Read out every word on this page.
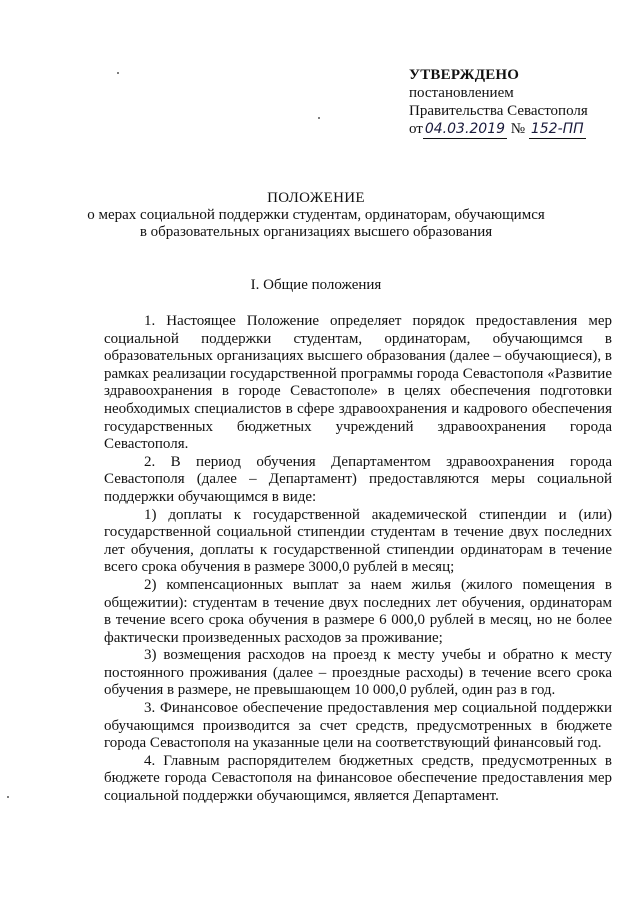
УТВЕРЖДЕНО
постановлением
Правительства Севастополя
от 04.03.2019 № 152-ПП
ПОЛОЖЕНИЕ
о мерах социальной поддержки студентам, ординаторам, обучающимся
в образовательных организациях высшего образования
I. Общие положения

1. Настоящее Положение определяет порядок предоставления мер социальной поддержки студентам, ординаторам, обучающимся в образовательных организациях высшего образования (далее – обучающиеся), в рамках реализации государственной программы города Севастополя «Развитие здравоохранения в городе Севастополе» в целях обеспечения подготовки необходимых специалистов в сфере здравоохранения и кадрового обеспечения государственных бюджетных учреждений здравоохранения города Севастополя.

2. В период обучения Департаментом здравоохранения города Севастополя (далее – Департамент) предоставляются меры социальной поддержки обучающимся в виде:

1) доплаты к государственной академической стипендии и (или) государственной социальной стипендии студентам в течение двух последних лет обучения, доплаты к государственной стипендии ординаторам в течение всего срока обучения в размере 3000,0 рублей в месяц;

2) компенсационных выплат за наем жилья (жилого помещения в общежитии): студентам в течение двух последних лет обучения, ординаторам в течение всего срока обучения в размере 6 000,0 рублей в месяц, но не более фактически произведенных расходов за проживание;

3) возмещения расходов на проезд к месту учебы и обратно к месту постоянного проживания (далее – проездные расходы) в течение всего срока обучения в размере, не превышающем 10 000,0 рублей, один раз в год.

3. Финансовое обеспечение предоставления мер социальной поддержки обучающимся производится за счет средств, предусмотренных в бюджете города Севастополя на указанные цели на соответствующий финансовый год.

4. Главным распорядителем бюджетных средств, предусмотренных в бюджете города Севастополя на финансовое обеспечение предоставления мер социальной поддержки обучающимся, является Департамент.
